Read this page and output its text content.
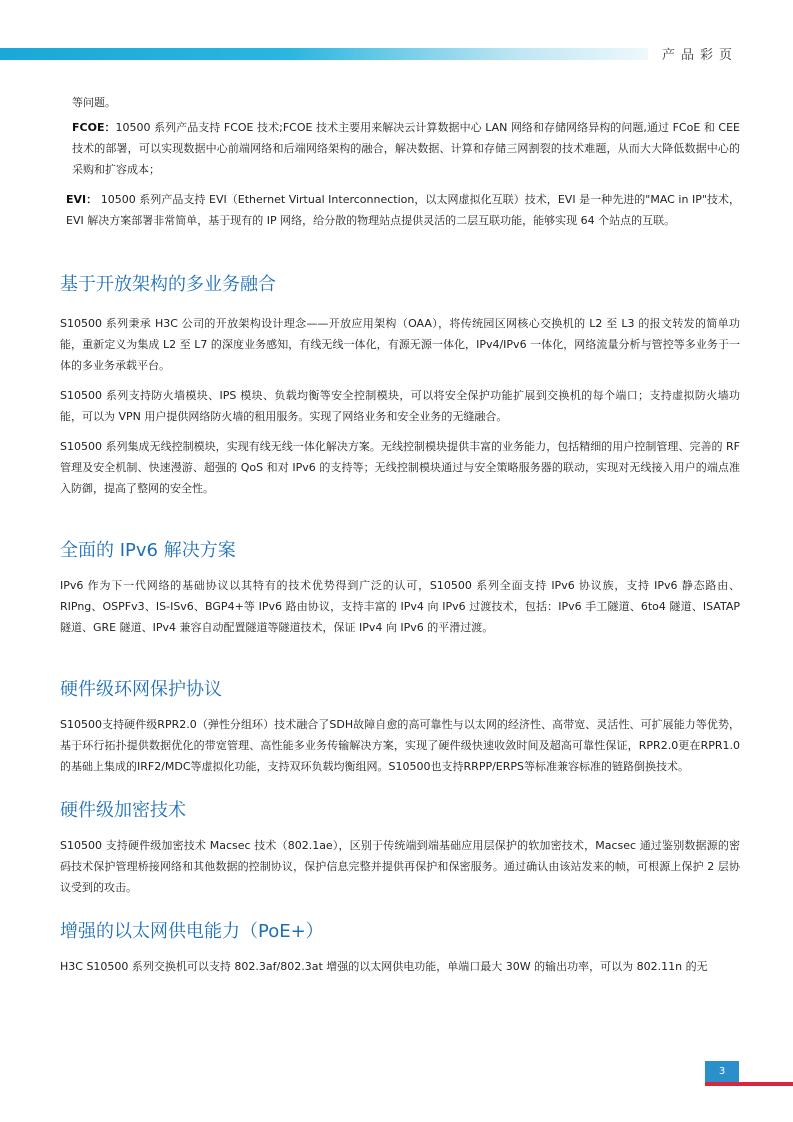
产品彩页

等问题。

FCOE：10500 系列产品支持 FCOE 技术;FCOE 技术主要用来解决云计算数据中心 LAN 网络和存储网络异构的问题,通过 FCoE 和 CEE 技术的部署，可以实现数据中心前端网络和后端网络架构的融合，解决数据、计算和存储三网割裂的技术难题，从而大大降低数据中心的采购和扩容成本；

EVI： 10500 系列产品支持 EVI（Ethernet Virtual Interconnection，以太网虚拟化互联）技术，EVI 是一种先进的"MAC in IP"技术，EVI 解决方案部署非常简单，基于现有的 IP 网络，给分散的物理站点提供灵活的二层互联功能，能够实现 64 个站点的互联。

基于开放架构的多业务融合

S10500 系列秉承 H3C 公司的开放架构设计理念——开放应用架构（OAA），将传统园区网核心交换机的 L2 至 L3 的报文转发的简单功能，重新定义为集成 L2 至 L7 的深度业务感知，有线无线一体化，有源无源一体化，IPv4/IPv6 一体化，网络流量分析与管控等多业务于一体的多业务承载平台。

S10500 系列支持防火墙模块、IPS 模块、负载均衡等安全控制模块，可以将安全保护功能扩展到交换机的每个端口；支持虚拟防火墙功能，可以为 VPN 用户提供网络防火墙的租用服务。实现了网络业务和安全业务的无缝融合。

S10500 系列集成无线控制模块，实现有线无线一体化解决方案。无线控制模块提供丰富的业务能力，包括精细的用户控制管理、完善的 RF 管理及安全机制、快速漫游、超强的 QoS 和对 IPv6 的支持等；无线控制模块通过与安全策略服务器的联动，实现对无线接入用户的端点准入防御，提高了整网的安全性。

全面的 IPv6 解决方案

IPv6 作为下一代网络的基础协议以其特有的技术优势得到广泛的认可，S10500 系列全面支持 IPv6 协议族，支持 IPv6 静态路由、RIPng、OSPFv3、IS-ISv6、BGP4+等 IPv6 路由协议，支持丰富的 IPv4 向 IPv6 过渡技术，包括：IPv6 手工隧道、6to4 隧道、ISATAP 隧道、GRE 隧道、IPv4 兼容自动配置隧道等隧道技术，保证 IPv4 向 IPv6 的平滑过渡。

硬件级环网保护协议

S10500支持硬件级RPR2.0（弹性分组环）技术融合了SDH故障自愈的高可靠性与以太网的经济性、高带宽、灵活性、可扩展能力等优势，基于环行拓扑提供数据优化的带宽管理、高性能多业务传输解决方案，实现了硬件级快速收敛时间及超高可靠性保证，RPR2.0更在RPR1.0的基础上集成的IRF2/MDC等虚拟化功能，支持双环负载均衡组网。S10500也支持RRPP/ERPS等标准兼容标准的链路倒换技术。

硬件级加密技术

S10500 支持硬件级加密技术 Macsec 技术（802.1ae），区别于传统端到端基础应用层保护的软加密技术，Macsec 通过鉴别数据源的密码技术保护管理桥接网络和其他数据的控制协议，保护信息完整并提供再保护和保密服务。通过确认由该站发来的帧，可根源上保护 2 层协议受到的攻击。

增强的以太网供电能力（PoE+）

H3C S10500 系列交换机可以支持 802.3af/802.3at 增强的以太网供电功能，单端口最大 30W 的输出功率，可以为 802.11n 的无

3
